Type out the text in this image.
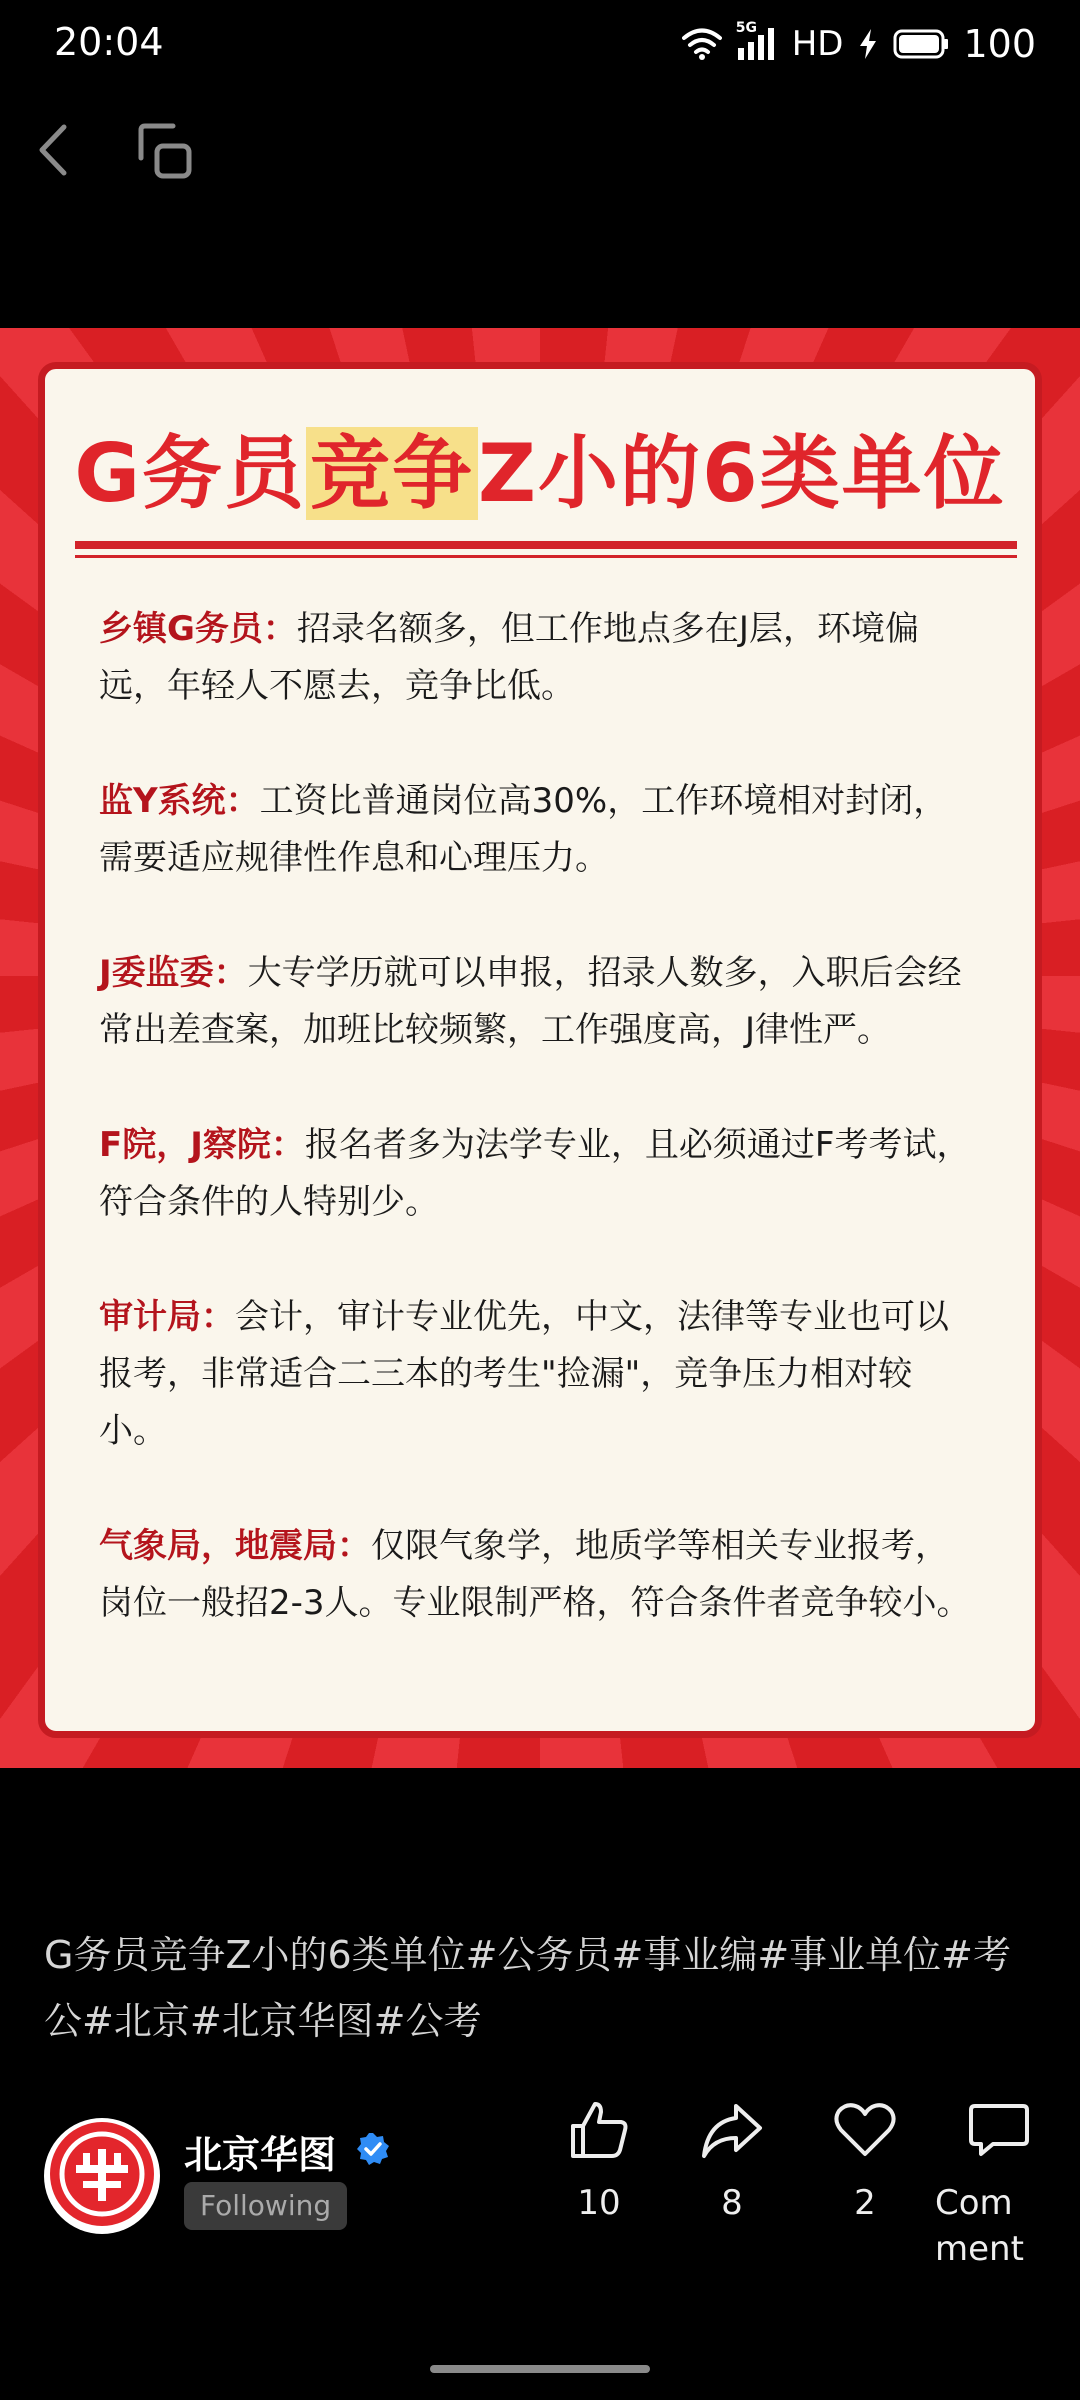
20:04	5G HD	100
G务员竞争Z小的6类单位
乡镇G务员：招录名额多，但工作地点多在J层，环境偏远，年轻人不愿去，竞争比低。
监Y系统：工资比普通岗位高30%，工作环境相对封闭，需要适应规律性作息和心理压力。
J委监委：大专学历就可以申报，招录人数多，入职后会经常出差查案，加班比较频繁，工作强度高，J律性严。
F院，J察院：报名者多为法学专业，且必须通过F考考试，符合条件的人特别少。
审计局：会计，审计专业优先，中文，法律等专业也可以报考，非常适合二三本的考生"捡漏"，竞争压力相对较小。
气象局，地震局：仅限气象学，地质学等相关专业报考，岗位一般招2-3人。专业限制严格，符合条件者竞争较小。
G务员竞争Z小的6类单位#公务员#事业编#事业单位#考公#北京#北京华图#公考
北京华图
Following	10	8	2	Comment
